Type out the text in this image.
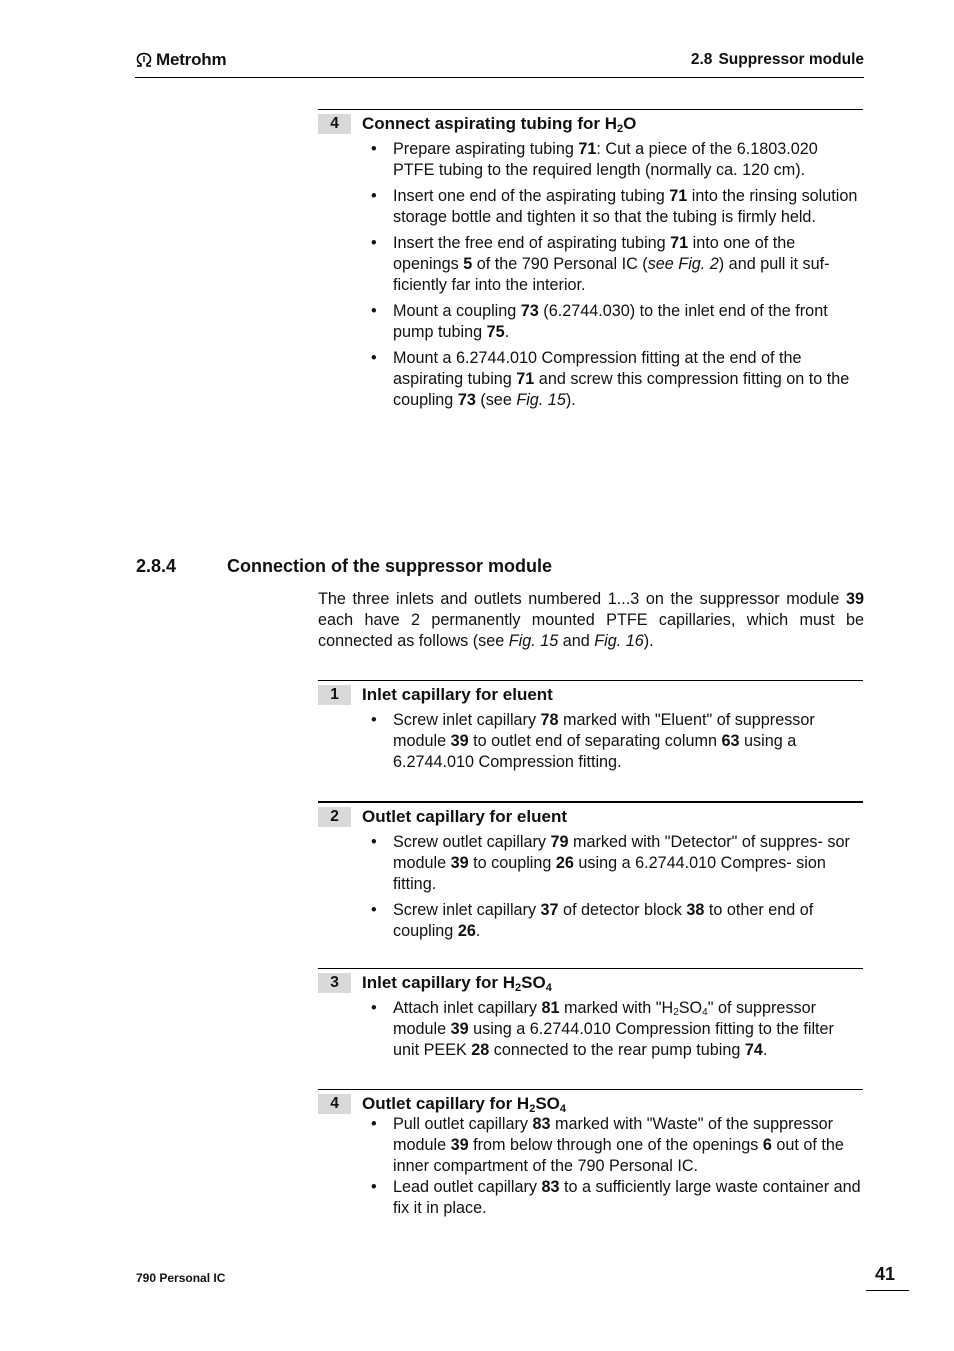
Metrohm	2.8 Suppressor module
4	Connect aspirating tubing for $H_2O$
• Prepare aspirating tubing 71: Cut a piece of the 6.1803.020 PTFE tubing to the required length (normally ca. 120 cm).
• Insert one end of the aspirating tubing 71 into the rinsing solution storage bottle and tighten it so that the tubing is firmly held.
• Insert the free end of aspirating tubing 71 into one of the openings 5 of the 790 Personal IC (see Fig. 2) and pull it suf- ficiently far into the interior.
• Mount a coupling 73 (6.2744.030) to the inlet end of the front pump tubing 75.
• Mount a 6.2744.010 Compression fitting at the end of the aspirating tubing 71 and screw this compression fitting on to the coupling 73 (see Fig. 15).
2.8.4	Connection of the suppressor module

The three inlets and outlets numbered 1...3 on the suppressor module 39 each have 2 permanently mounted PTFE capillaries, which must be connected as follows (see Fig. 15 and Fig. 16).

1	Inlet capillary for eluent
• Screw inlet capillary 78 marked with "Eluent" of suppressor module 39 to outlet end of separating column 63 using a 6.2744.010 Compression fitting.
2	Outlet capillary for eluent
• Screw outlet capillary 79 marked with "Detector" of suppres- sor module 39 to coupling 26 using a 6.2744.010 Compres- sion fitting.
• Screw inlet capillary 37 of detector block 38 to other end of coupling 26.
3	Inlet capillary for $H_2SO_4$
• Attach inlet capillary 81 marked with "$H_2SO_4$" of suppressor module 39 using a 6.2744.010 Compression fitting to the filter unit PEEK 28 connected to the rear pump tubing 74.
4	Outlet capillary for $H_2SO_4$
• Pull outlet capillary 83 marked with "Waste" of the suppressor module 39 from below through one of the openings 6 out of the inner compartment of the 790 Personal IC.
• Lead outlet capillary 83 to a sufficiently large waste container and fix it in place.
790 Personal IC	41
